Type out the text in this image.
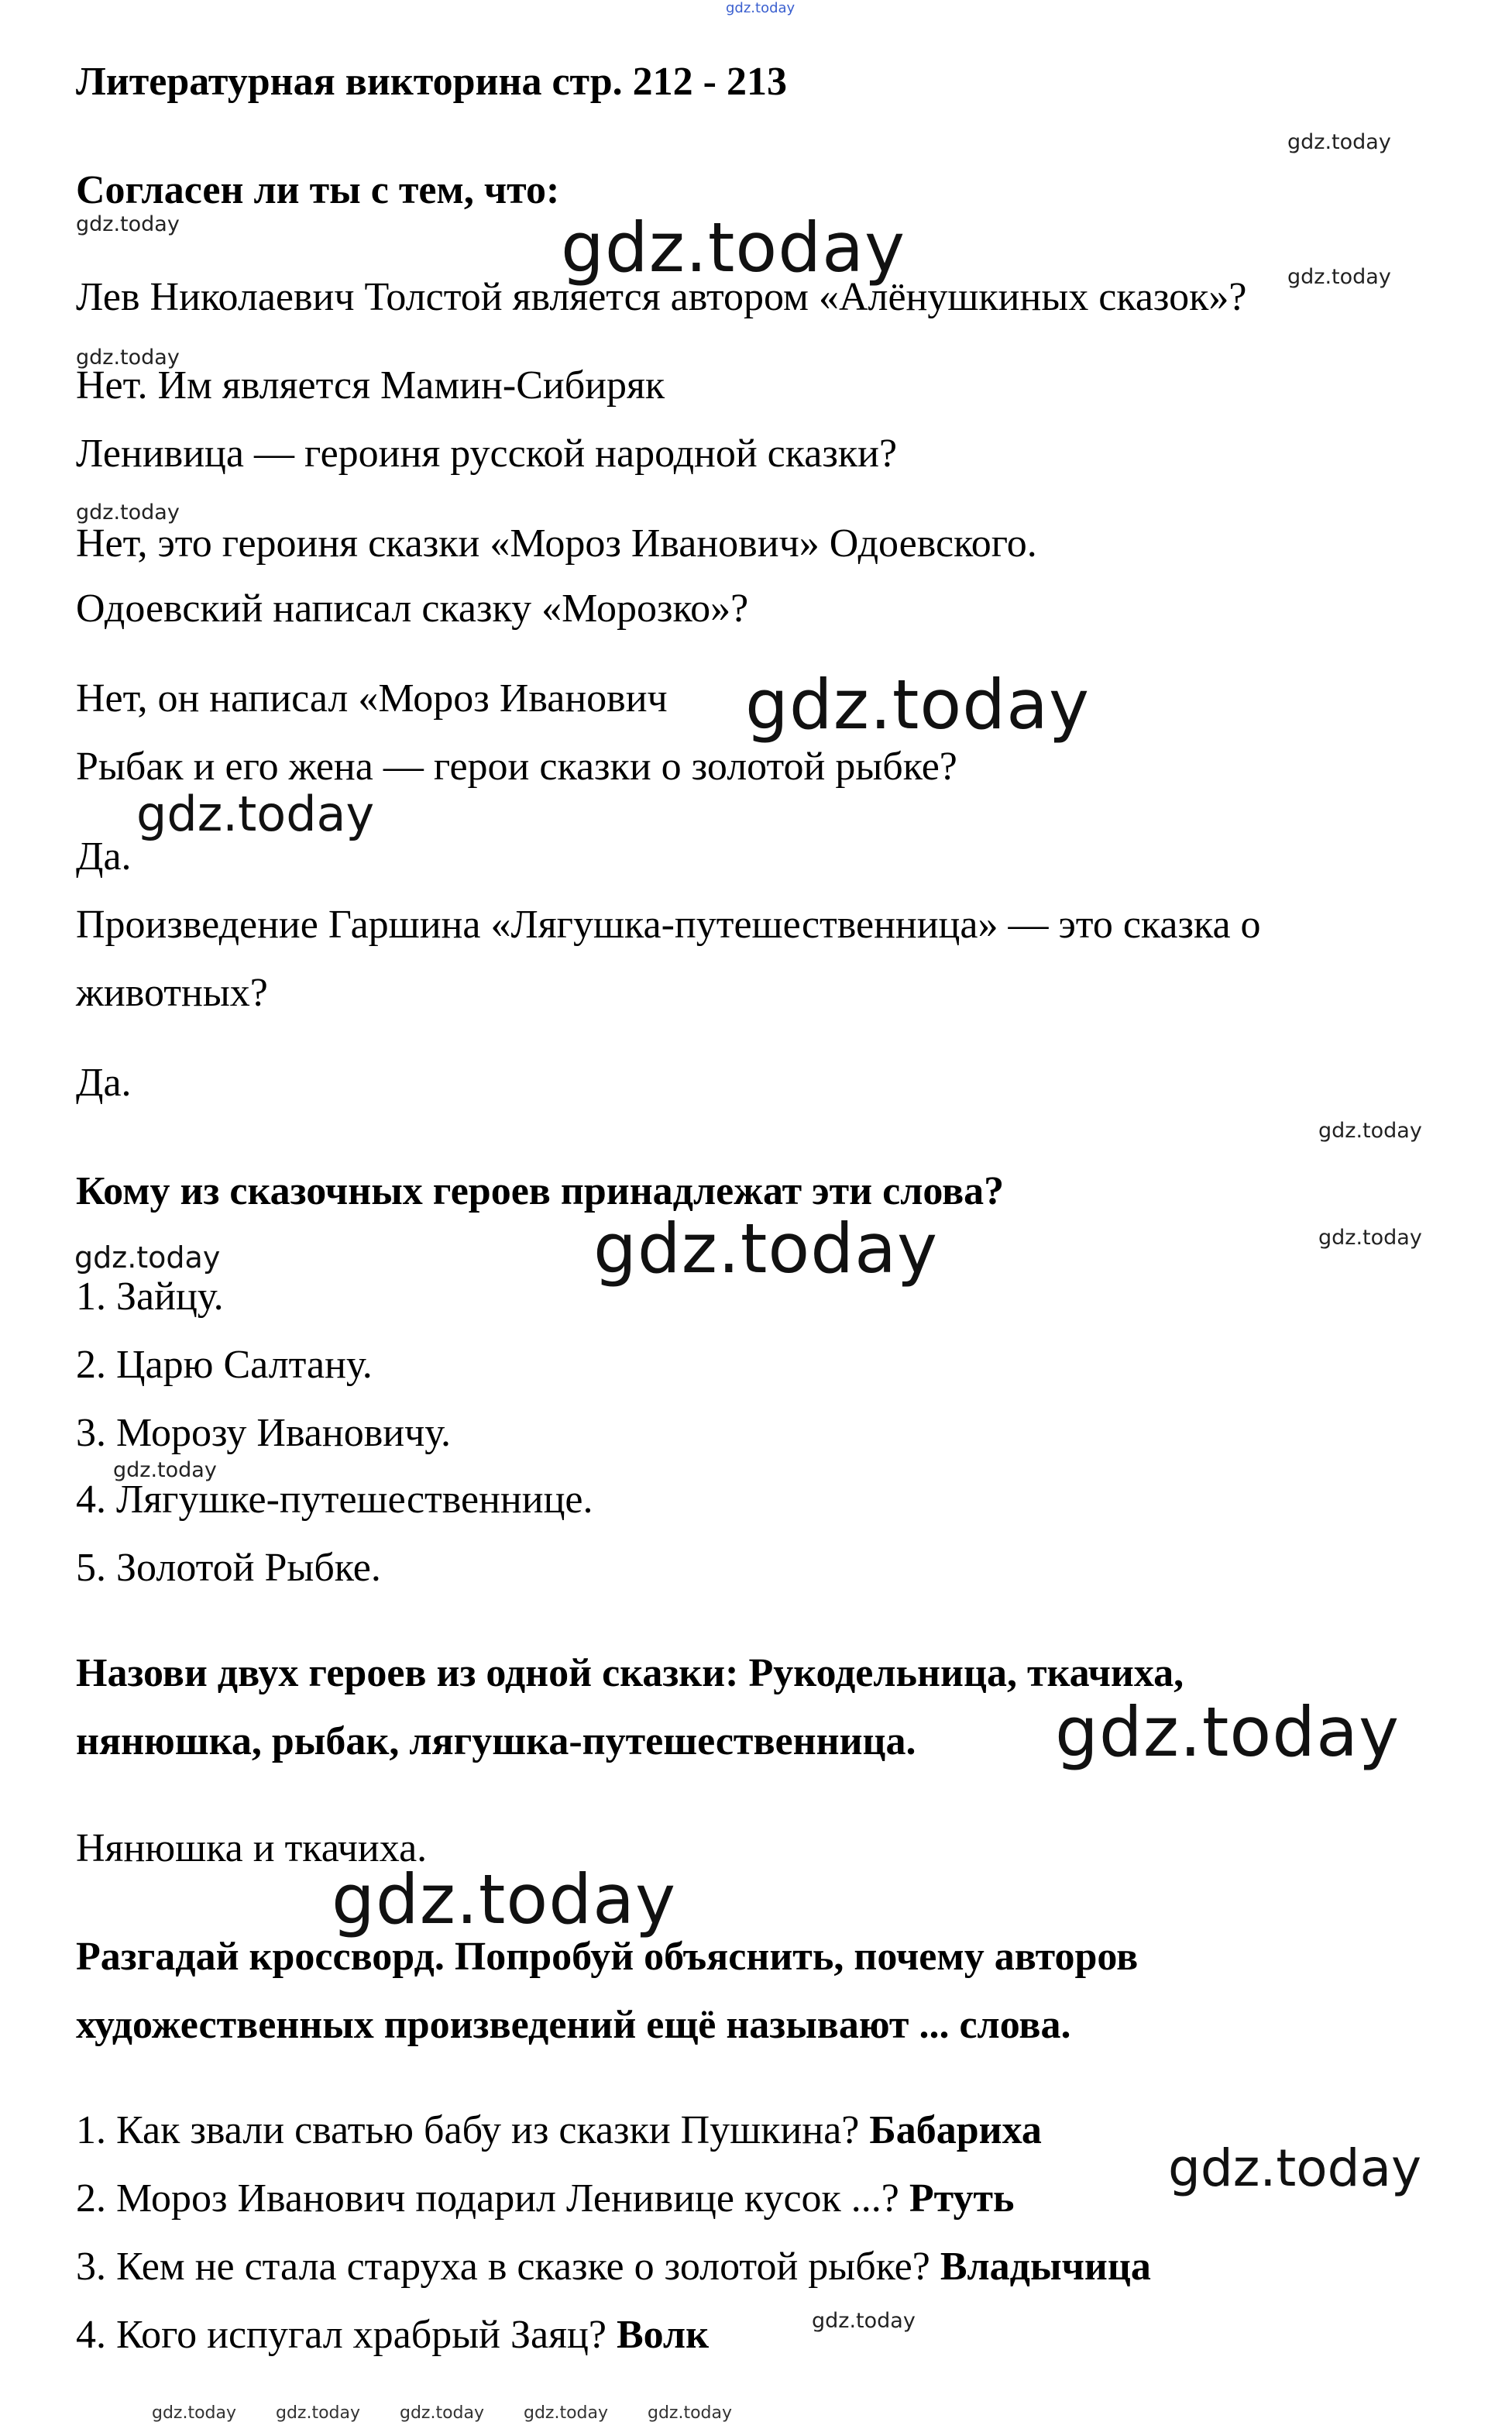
gdz.today
Литературная викторина стр. 212 - 213
Согласен ли ты с тем, что:
Лев Николаевич Толстой является автором «Алёнушкиных сказок»?
Нет. Им является Мамин-Сибиряк
Ленивица — героиня русской народной сказки?
Нет, это героиня сказки «Мороз Иванович» Одоевского.
Одоевский написал сказку «Морозко»?
Нет, он написал «Мороз Иванович
Рыбак и его жена — герои сказки о золотой рыбке?
Да.
Произведение Гаршина «Лягушка-путешественница» — это сказка о
животных?
Да.
Кому из сказочных героев принадлежат эти слова?
1. Зайцу.
2. Царю Салтану.
3. Морозу Ивановичу.
4. Лягушке-путешественнице.
5. Золотой Рыбке.
Назови двух героев из одной сказки: Рукодельница, ткачиха,
нянюшка, рыбак, лягушка-путешественница.
Нянюшка и ткачиха.
Разгадай кроссворд. Попробуй объяснить, почему авторов
художественных произведений ещё называют ... слова.
1. Как звали сватью бабу из сказки Пушкина? Бабариха
2. Мороз Иванович подарил Ленивице кусок ...? Ртуть
3. Кем не стала старуха в сказке о золотой рыбке? Владычица
4. Кого испугал храбрый Заяц? Волк
gdz.today
gdz.today
gdz.today
gdz.today
gdz.today
gdz.today
gdz.today
gdz.today
gdz.today
gdz.today
gdz.today
gdz.today
gdz.today
gdz.today
gdz.today
gdz.today
gdz.today
gdz.today gdz.today gdz.today gdz.today gdz.today
